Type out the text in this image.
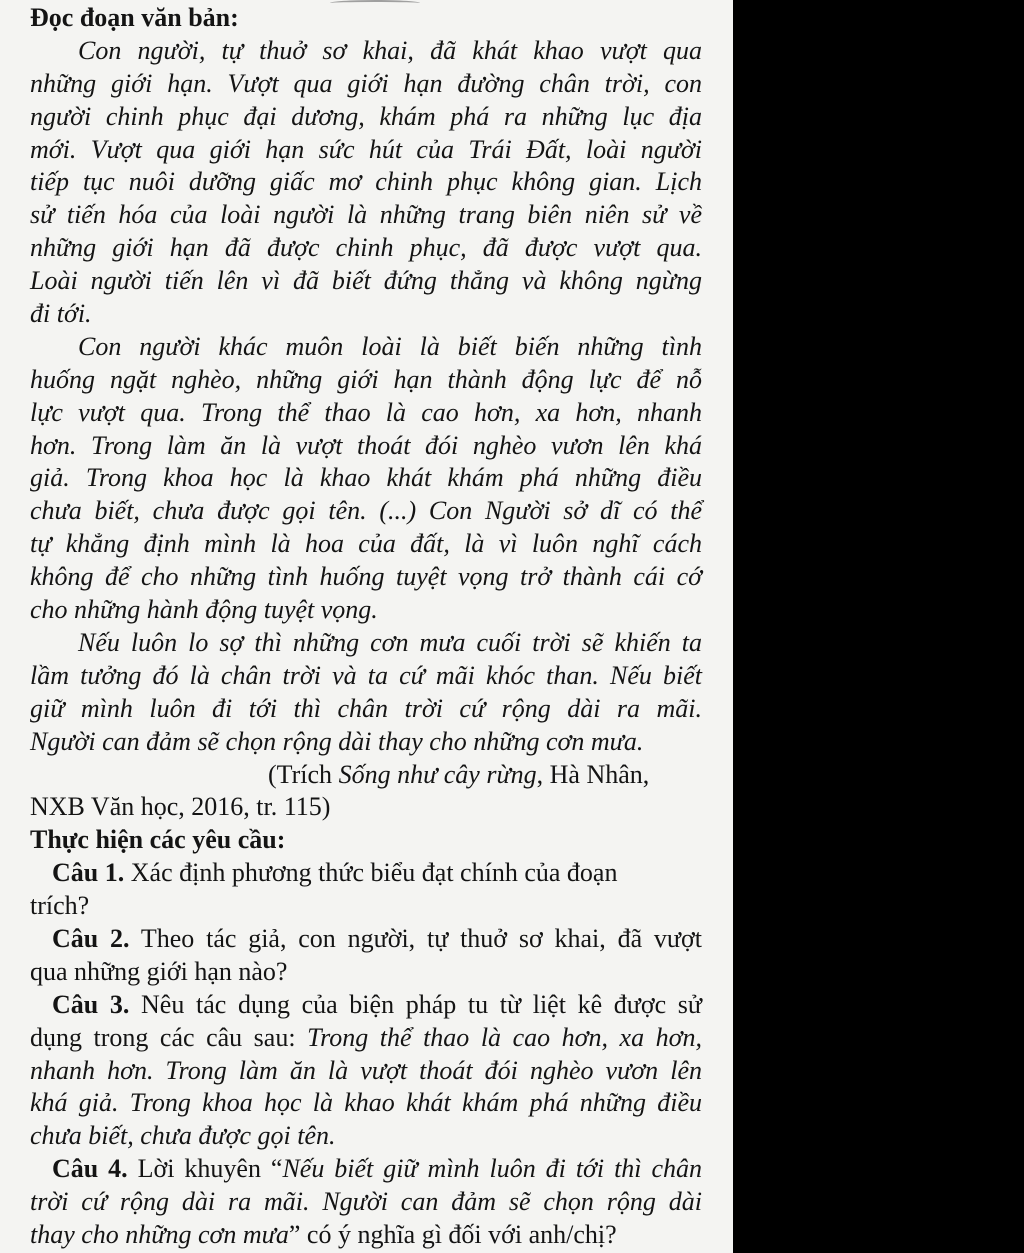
Đọc đoạn văn bản:
Con người, tự thuở sơ khai, đã khát khao vượt qua
những giới hạn. Vượt qua giới hạn đường chân trời, con
người chinh phục đại dương, khám phá ra những lục địa
mới. Vượt qua giới hạn sức hút của Trái Đất, loài người
tiếp tục nuôi dưỡng giấc mơ chinh phục không gian. Lịch
sử tiến hóa của loài người là những trang biên niên sử về
những giới hạn đã được chinh phục, đã được vượt qua.
Loài người tiến lên vì đã biết đứng thẳng và không ngừng
đi tới.
Con người khác muôn loài là biết biến những tình
huống ngặt nghèo, những giới hạn thành động lực để nỗ
lực vượt qua. Trong thể thao là cao hơn, xa hơn, nhanh
hơn. Trong làm ăn là vượt thoát đói nghèo vươn lên khá
giả. Trong khoa học là khao khát khám phá những điều
chưa biết, chưa được gọi tên. (...) Con Người sở dĩ có thể
tự khẳng định mình là hoa của đất, là vì luôn nghĩ cách
không để cho những tình huống tuyệt vọng trở thành cái cớ
cho những hành động tuyệt vọng.
Nếu luôn lo sợ thì những cơn mưa cuối trời sẽ khiến ta
lầm tưởng đó là chân trời và ta cứ mãi khóc than. Nếu biết
giữ mình luôn đi tới thì chân trời cứ rộng dài ra mãi.
Người can đảm sẽ chọn rộng dài thay cho những cơn mưa.
(Trích Sống như cây rừng, Hà Nhân,
NXB Văn học, 2016, tr. 115)
Thực hiện các yêu cầu:
Câu 1. Xác định phương thức biểu đạt chính của đoạn
trích?
Câu 2. Theo tác giả, con người, tự thuở sơ khai, đã vượt
qua những giới hạn nào?
Câu 3. Nêu tác dụng của biện pháp tu từ liệt kê được sử
dụng trong các câu sau: Trong thể thao là cao hơn, xa hơn,
nhanh hơn. Trong làm ăn là vượt thoát đói nghèo vươn lên
khá giả. Trong khoa học là khao khát khám phá những điều
chưa biết, chưa được gọi tên.
Câu 4. Lời khuyên “Nếu biết giữ mình luôn đi tới thì chân
trời cứ rộng dài ra mãi. Người can đảm sẽ chọn rộng dài
thay cho những cơn mưa” có ý nghĩa gì đối với anh/chị?
